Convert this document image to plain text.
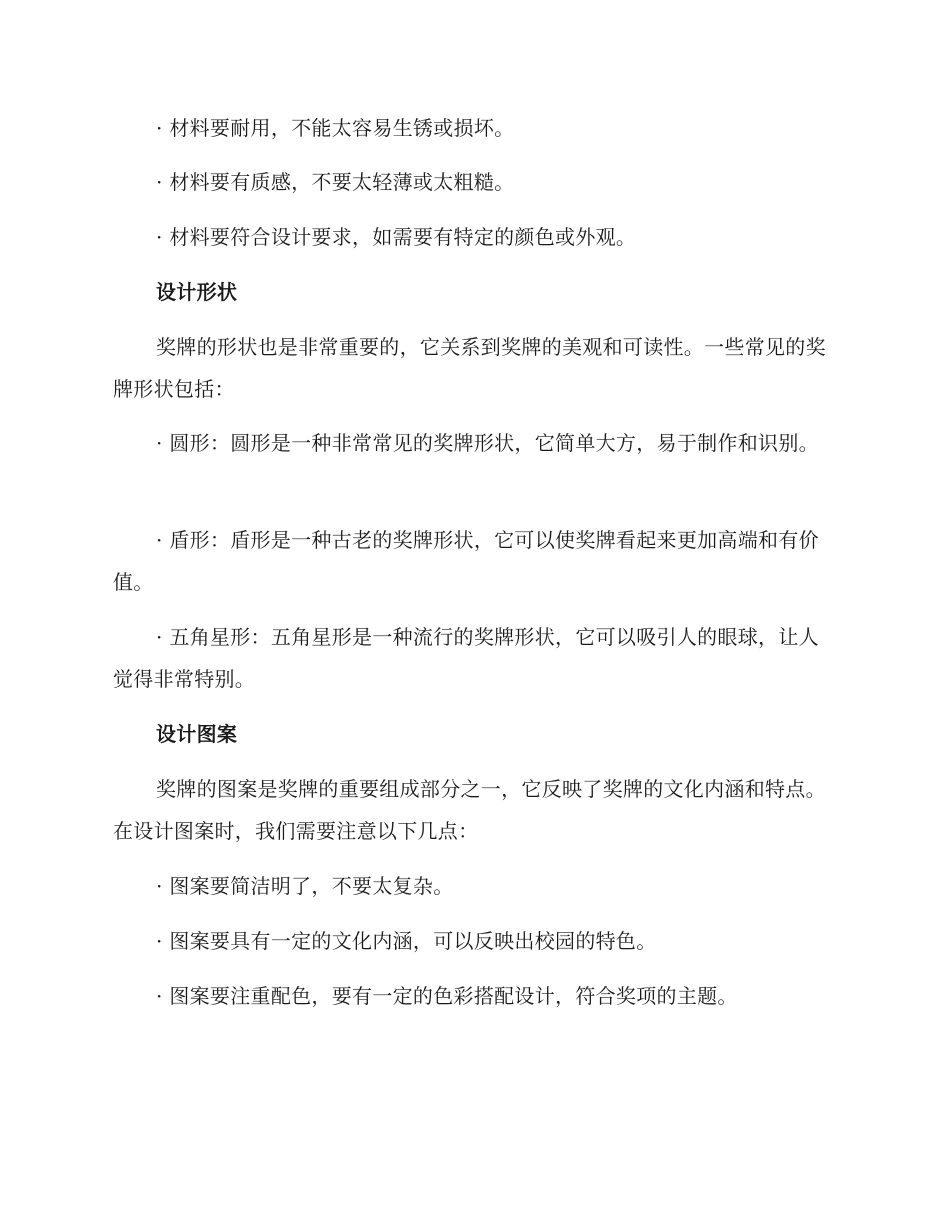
· 材料要耐用，不能太容易生锈或损坏。

· 材料要有质感，不要太轻薄或太粗糙。

· 材料要符合设计要求，如需要有特定的颜色或外观。

设计形状

奖牌的形状也是非常重要的，它关系到奖牌的美观和可读性。一些常见的奖牌形状包括：

· 圆形：圆形是一种非常常见的奖牌形状，它简单大方，易于制作和识别。

· 盾形：盾形是一种古老的奖牌形状，它可以使奖牌看起来更加高端和有价值。

· 五角星形：五角星形是一种流行的奖牌形状，它可以吸引人的眼球，让人觉得非常特别。

设计图案

奖牌的图案是奖牌的重要组成部分之一，它反映了奖牌的文化内涵和特点。在设计图案时，我们需要注意以下几点：

· 图案要简洁明了，不要太复杂。

· 图案要具有一定的文化内涵，可以反映出校园的特色。

· 图案要注重配色，要有一定的色彩搭配设计，符合奖项的主题。
